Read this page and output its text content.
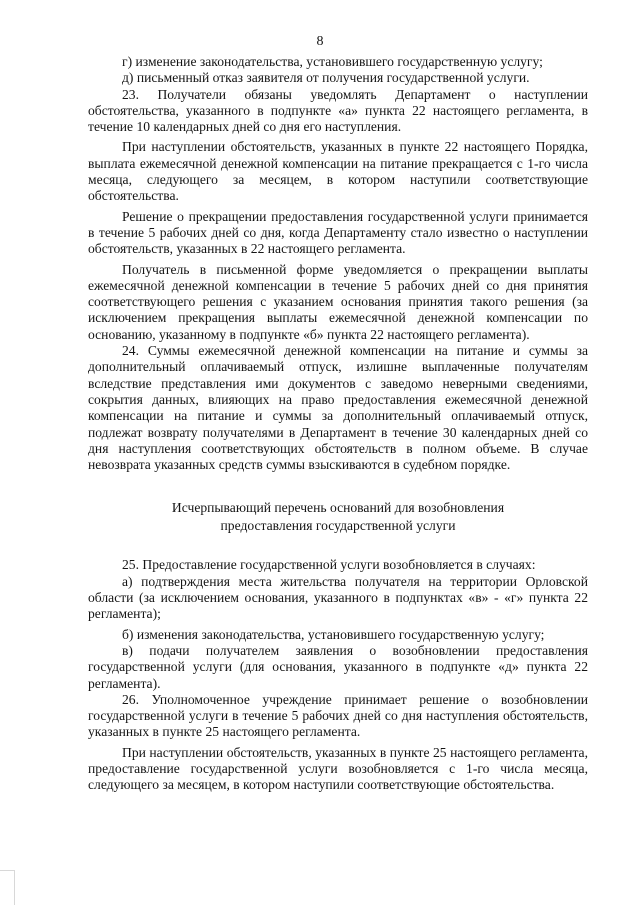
8

г) изменение законодательства, установившего государственную услугу;

д) письменный отказ заявителя от получения государственной услуги.

23. Получатели обязаны уведомлять Департамент о наступлении обстоятельства, указанного в подпункте «а» пункта 22 настоящего регламента, в течение 10 календарных дней со дня его наступления.

При наступлении обстоятельств, указанных в пункте 22 настоящего Порядка, выплата ежемесячной денежной компенсации на питание прекращается с 1-го числа месяца, следующего за месяцем, в котором наступили соответствующие обстоятельства.

Решение о прекращении предоставления государственной услуги принимается в течение 5 рабочих дней со дня, когда Департаменту стало известно о наступлении обстоятельств, указанных в 22 настоящего регламента.

Получатель в письменной форме уведомляется о прекращении выплаты ежемесячной денежной компенсации в течение 5 рабочих дней со дня принятия соответствующего решения с указанием основания принятия такого решения (за исключением прекращения выплаты ежемесячной денежной компенсации по основанию, указанному в подпункте «б» пункта 22 настоящего регламента).

24. Суммы ежемесячной денежной компенсации на питание и суммы за дополнительный оплачиваемый отпуск, излишне выплаченные получателям вследствие представления ими документов с заведомо неверными сведениями, сокрытия данных, влияющих на право предоставления ежемесячной денежной компенсации на питание и суммы за дополнительный оплачиваемый отпуск, подлежат возврату получателями в Департамент в течение 30 календарных дней со дня наступления соответствующих обстоятельств в полном объеме. В случае невозврата указанных средств суммы взыскиваются в судебном порядке.

Исчерпывающий перечень оснований для возобновления
предоставления государственной услуги

25. Предоставление государственной услуги возобновляется в случаях:

а) подтверждения места жительства получателя на территории Орловской области (за исключением основания, указанного в подпунктах «в» - «г» пункта 22 регламента);

б) изменения законодательства, установившего государственную услугу;

в) подачи получателем заявления о возобновлении предоставления государственной услуги (для основания, указанного в подпункте «д» пункта 22 регламента).

26. Уполномоченное учреждение принимает решение о возобновлении государственной услуги в течение 5 рабочих дней со дня наступления обстоятельств, указанных в пункте 25 настоящего регламента.

При наступлении обстоятельств, указанных в пункте 25 настоящего регламента, предоставление государственной услуги возобновляется с 1-го числа месяца, следующего за месяцем, в котором наступили соответствующие обстоятельства.
